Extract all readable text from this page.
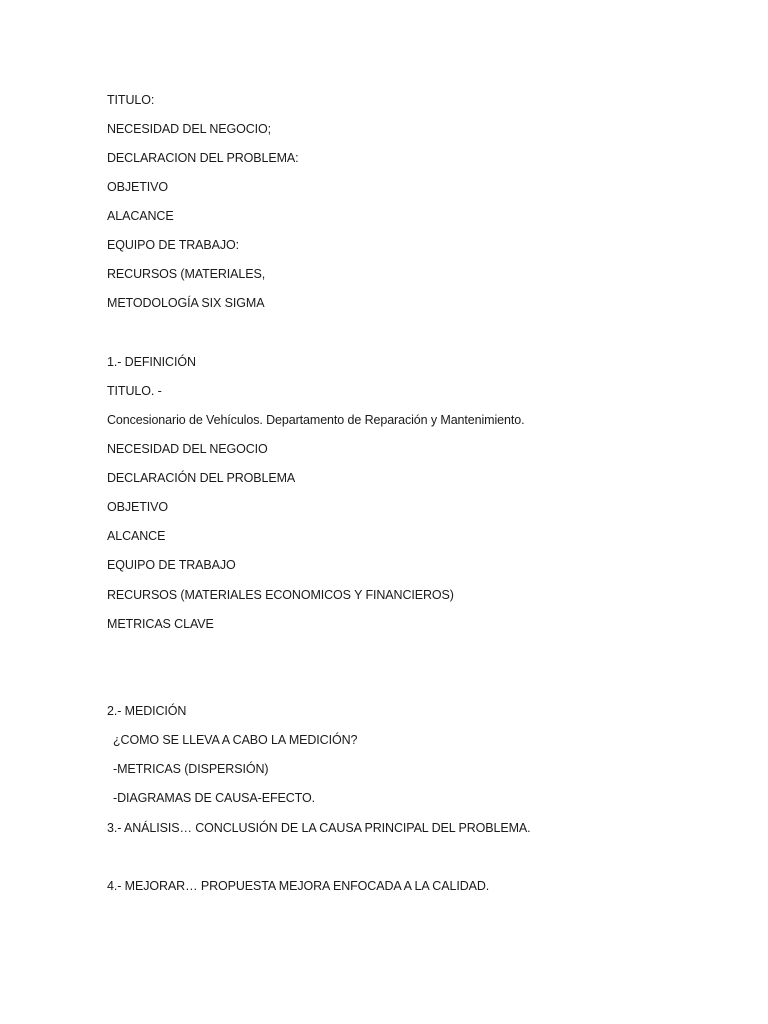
TITULO:
NECESIDAD DEL NEGOCIO;
DECLARACION DEL PROBLEMA:
OBJETIVO
ALACANCE
EQUIPO DE TRABAJO:
RECURSOS (MATERIALES,
METODOLOGÍA SIX SIGMA
1.- DEFINICIÓN
TITULO. -
Concesionario de Vehículos. Departamento de Reparación y Mantenimiento.
NECESIDAD DEL NEGOCIO
DECLARACIÓN DEL PROBLEMA
OBJETIVO
ALCANCE
EQUIPO DE TRABAJO
RECURSOS (MATERIALES ECONOMICOS Y FINANCIEROS)
METRICAS CLAVE
2.- MEDICIÓN
¿COMO SE LLEVA A CABO LA MEDICIÓN?
-METRICAS (DISPERSIÓN)
-DIAGRAMAS DE CAUSA-EFECTO.
3.- ANÁLISIS… CONCLUSIÓN DE LA CAUSA PRINCIPAL DEL PROBLEMA.
4.- MEJORAR… PROPUESTA MEJORA ENFOCADA A LA CALIDAD.
